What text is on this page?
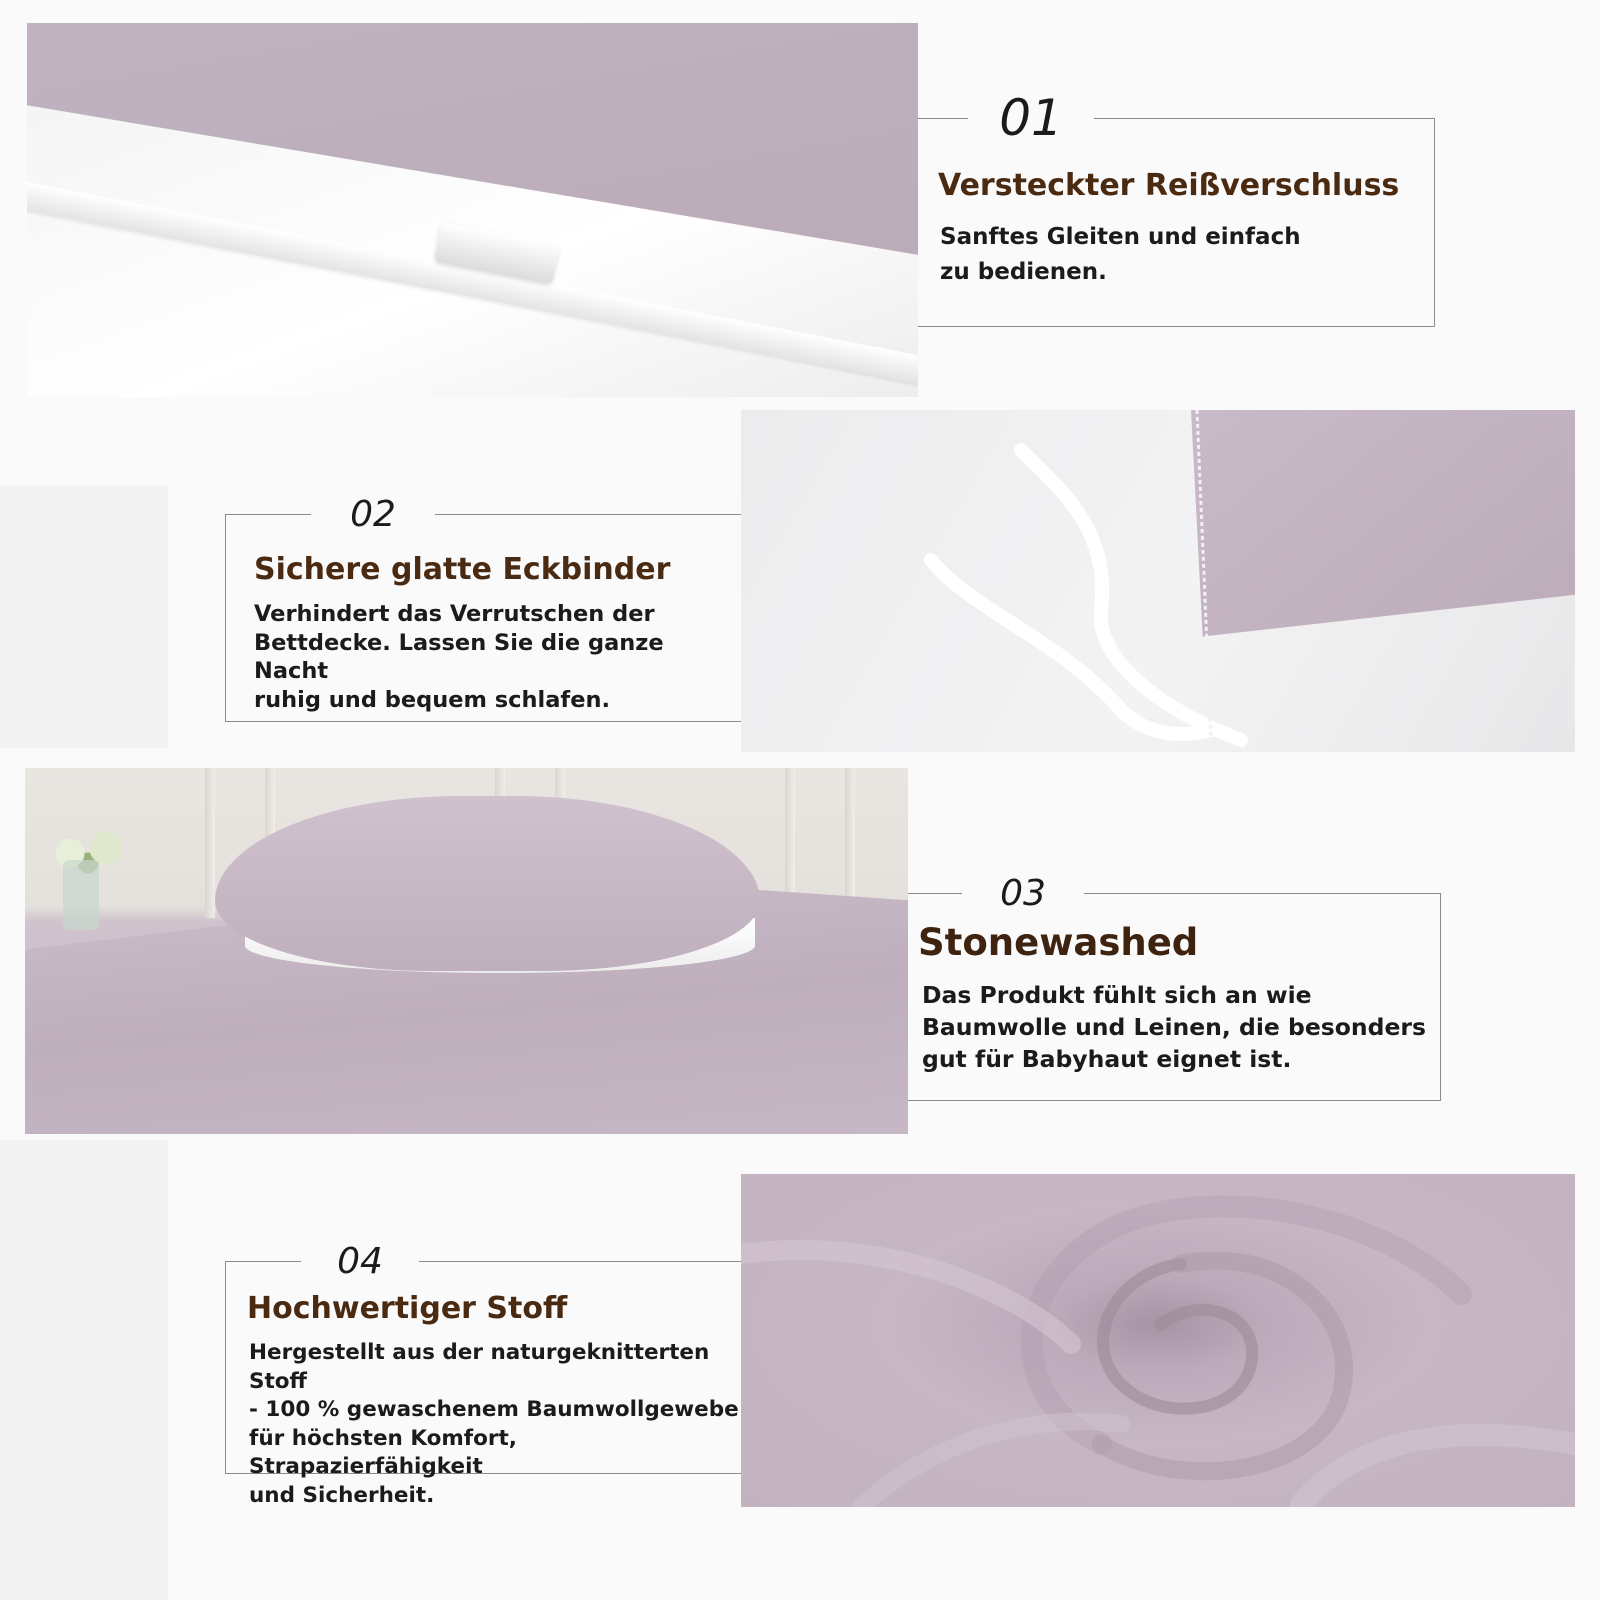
01
Versteckter Reißverschluss
Sanftes Gleiten und einfach
zu bedienen.
02
Sichere glatte Eckbinder
Verhindert das Verrutschen der
Bettdecke. Lassen Sie die ganze Nacht
ruhig und bequem schlafen.
03
Stonewashed
Das Produkt fühlt sich an wie
Baumwolle und Leinen, die besonders
gut für Babyhaut eignet ist.
04
Hochwertiger Stoff
Hergestellt aus der naturgeknitterten Stoff
- 100 % gewaschenem Baumwollgewebe
für höchsten Komfort, Strapazierfähigkeit
und Sicherheit.
